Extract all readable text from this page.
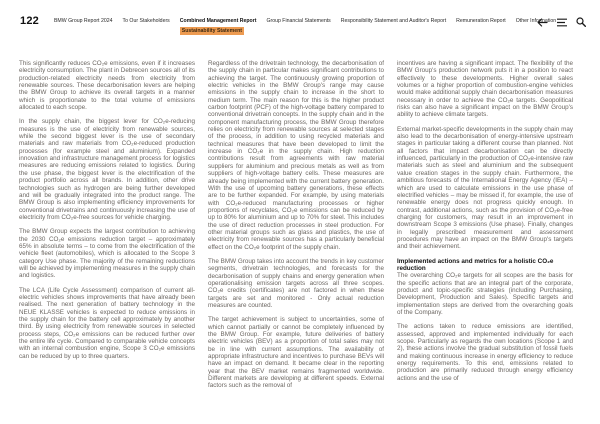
122	BMW Group Report 2024 To Our Stakeholders Combined Management Report
Sustainability Statement
Group Financial Statements Responsibility Statement and Auditor's Report Remuneration Report Other Information

This significantly reduces CO₂e emissions, even if it increases electricity consumption. The plant in Debrecen sources all of its production-related electricity needs from electricity from renewable sources. These decarbonisation levers are helping the BMW Group to achieve its overall targets in a manner which is proportionate to the total volume of emissions allocated to each scope.

In the supply chain, the biggest lever for CO₂e-reducing measures is the use of electricity from renewable sources, while the second biggest lever is the use of secondary materials and raw materials from CO₂e-reduced production processes (for example steel and aluminium). Expanded innovation and infrastructure management process for logistics measures are reducing emissions related to logistics. During the use phase, the biggest lever is the electrification of the product portfolio across all brands. In addition, other drive technologies such as hydrogen are being further developed and will be gradually integrated into the product range. The BMW Group is also implementing efficiency improvements for conventional drivetrains and continuously increasing the use of electricity from CO₂e-free sources for vehicle charging.

The BMW Group expects the largest contribution to achieving the 2030 CO₂e emissions reduction target – approximately 65% in absolute terms – to come from the electrification of the vehicle fleet (automobiles), which is allocated to the Scope 3 category Use phase. The majority of the remaining reductions will be achieved by implementing measures in the supply chain and logistics.

The LCA (Life Cycle Assessment) comparison of current all-electric vehicles shows improvements that have already been realised. The next generation of battery technology in the NEUE KLASSE vehicles is expected to reduce emissions in the supply chain for the battery cell approximately by another third. By using electricity from renewable sources in selected process steps, CO₂e emissions can be reduced further over the entire life cycle. Compared to comparable vehicle concepts with an internal combustion engine, Scope 3 CO₂e emissions can be reduced by up to three quarters.

Regardless of the drivetrain technology, the decarbonisation of the supply chain in particular makes significant contributions to achieving the target. The continuously growing proportion of electric vehicles in the BMW Group's range may cause emissions in the supply chain to increase in the short to medium term. The main reason for this is the higher product carbon footprint (PCF) of the high-voltage battery compared to conventional drivetrain concepts. In the supply chain and in the component manufacturing process, the BMW Group therefore relies on electricity from renewable sources at selected stages of the process, in addition to using recycled materials and technical measures that have been developed to limit the increase in CO₂e in the supply chain. High reduction contributions result from agreements with raw material suppliers for aluminium and precious metals as well as from suppliers of high-voltage battery cells. These measures are already being implemented with the current battery generation. With the use of upcoming battery generations, these effects are to be further expanded. For example, by using materials with CO₂e-reduced manufacturing processes or higher proportions of recyclates, CO₂e emissions can be reduced by up to 80% for aluminium and up to 70% for steel. This includes the use of direct reduction processes in steel production. For other material groups such as glass and plastics, the use of electricity from renewable sources has a particularly beneficial effect on the CO₂e footprint of the supply chain.

The BMW Group takes into account the trends in key customer segments, drivetrain technologies, and forecasts for the decarbonisation of supply chains and energy generation when operationalising emission targets across all three scopes. CO₂e credits (certificates) are not factored in when these targets are set and monitored - Only actual reduction measures are counted.

The target achievement is subject to uncertainties, some of which cannot partially or cannot be completely influenced by the BMW Group. For example, future deliveries of battery electric vehicles (BEV) as a proportion of total sales may not be in line with current assumptions. The availability of appropriate infrastructure and incentives to purchase BEVs will have an impact on demand. It became clear in the reporting year that the BEV market remains fragmented worldwide. Different markets are developing at different speeds. External factors such as the removal of

incentives are having a significant impact. The flexibility of the BMW Group's production network puts it in a position to react effectively to these developments. Higher overall sales volumes or a higher proportion of combustion-engine vehicles would make additional supply chain decarbonisation measures necessary in order to achieve the CO₂e targets. Geopolitical risks can also have a significant impact on the BMW Group's ability to achieve climate targets.

External market-specific developments in the supply chain may also lead to the decarbonisation of energy-intensive upstream stages in particular taking a different course than planned. Not all factors that impact decarbonisation can be directly influenced, particularly in the production of CO₂e-intensive raw materials such as steel and aluminium and the subsequent value creation stages in the supply chain. Furthermore, the ambitious forecasts of the International Energy Agency (IEA) – which are used to calculate emissions in the use phase of electrified vehicles – may be missed if, for example, the use of renewable energy does not progress quickly enough. In contrast, additional actions, such as the provision of CO₂e-free charging for customers, may result in an improvement in downstream Scope 3 emissions (Use phase). Finally, changes in legally prescribed measurement and assessment procedures may have an impact on the BMW Group's targets and their achievement.

Implemented actions and metrics for a holistic CO₂e reduction

The overarching CO₂e targets for all scopes are the basis for the specific actions that are an integral part of the corporate, product and topic-specific strategies (including Purchasing, Development, Production and Sales). Specific targets and implementation steps are derived from the overarching goals of the Company.

The actions taken to reduce emissions are identified, assessed, approved and implemented individually for each scope. Particularly as regards the own locations (Scope 1 and 2), these actions involve the gradual substitution of fossil fuels and making continuous increase in energy efficiency to reduce energy requirements. To this end, emissions related to production are primarily reduced through energy efficiency actions and the use of
